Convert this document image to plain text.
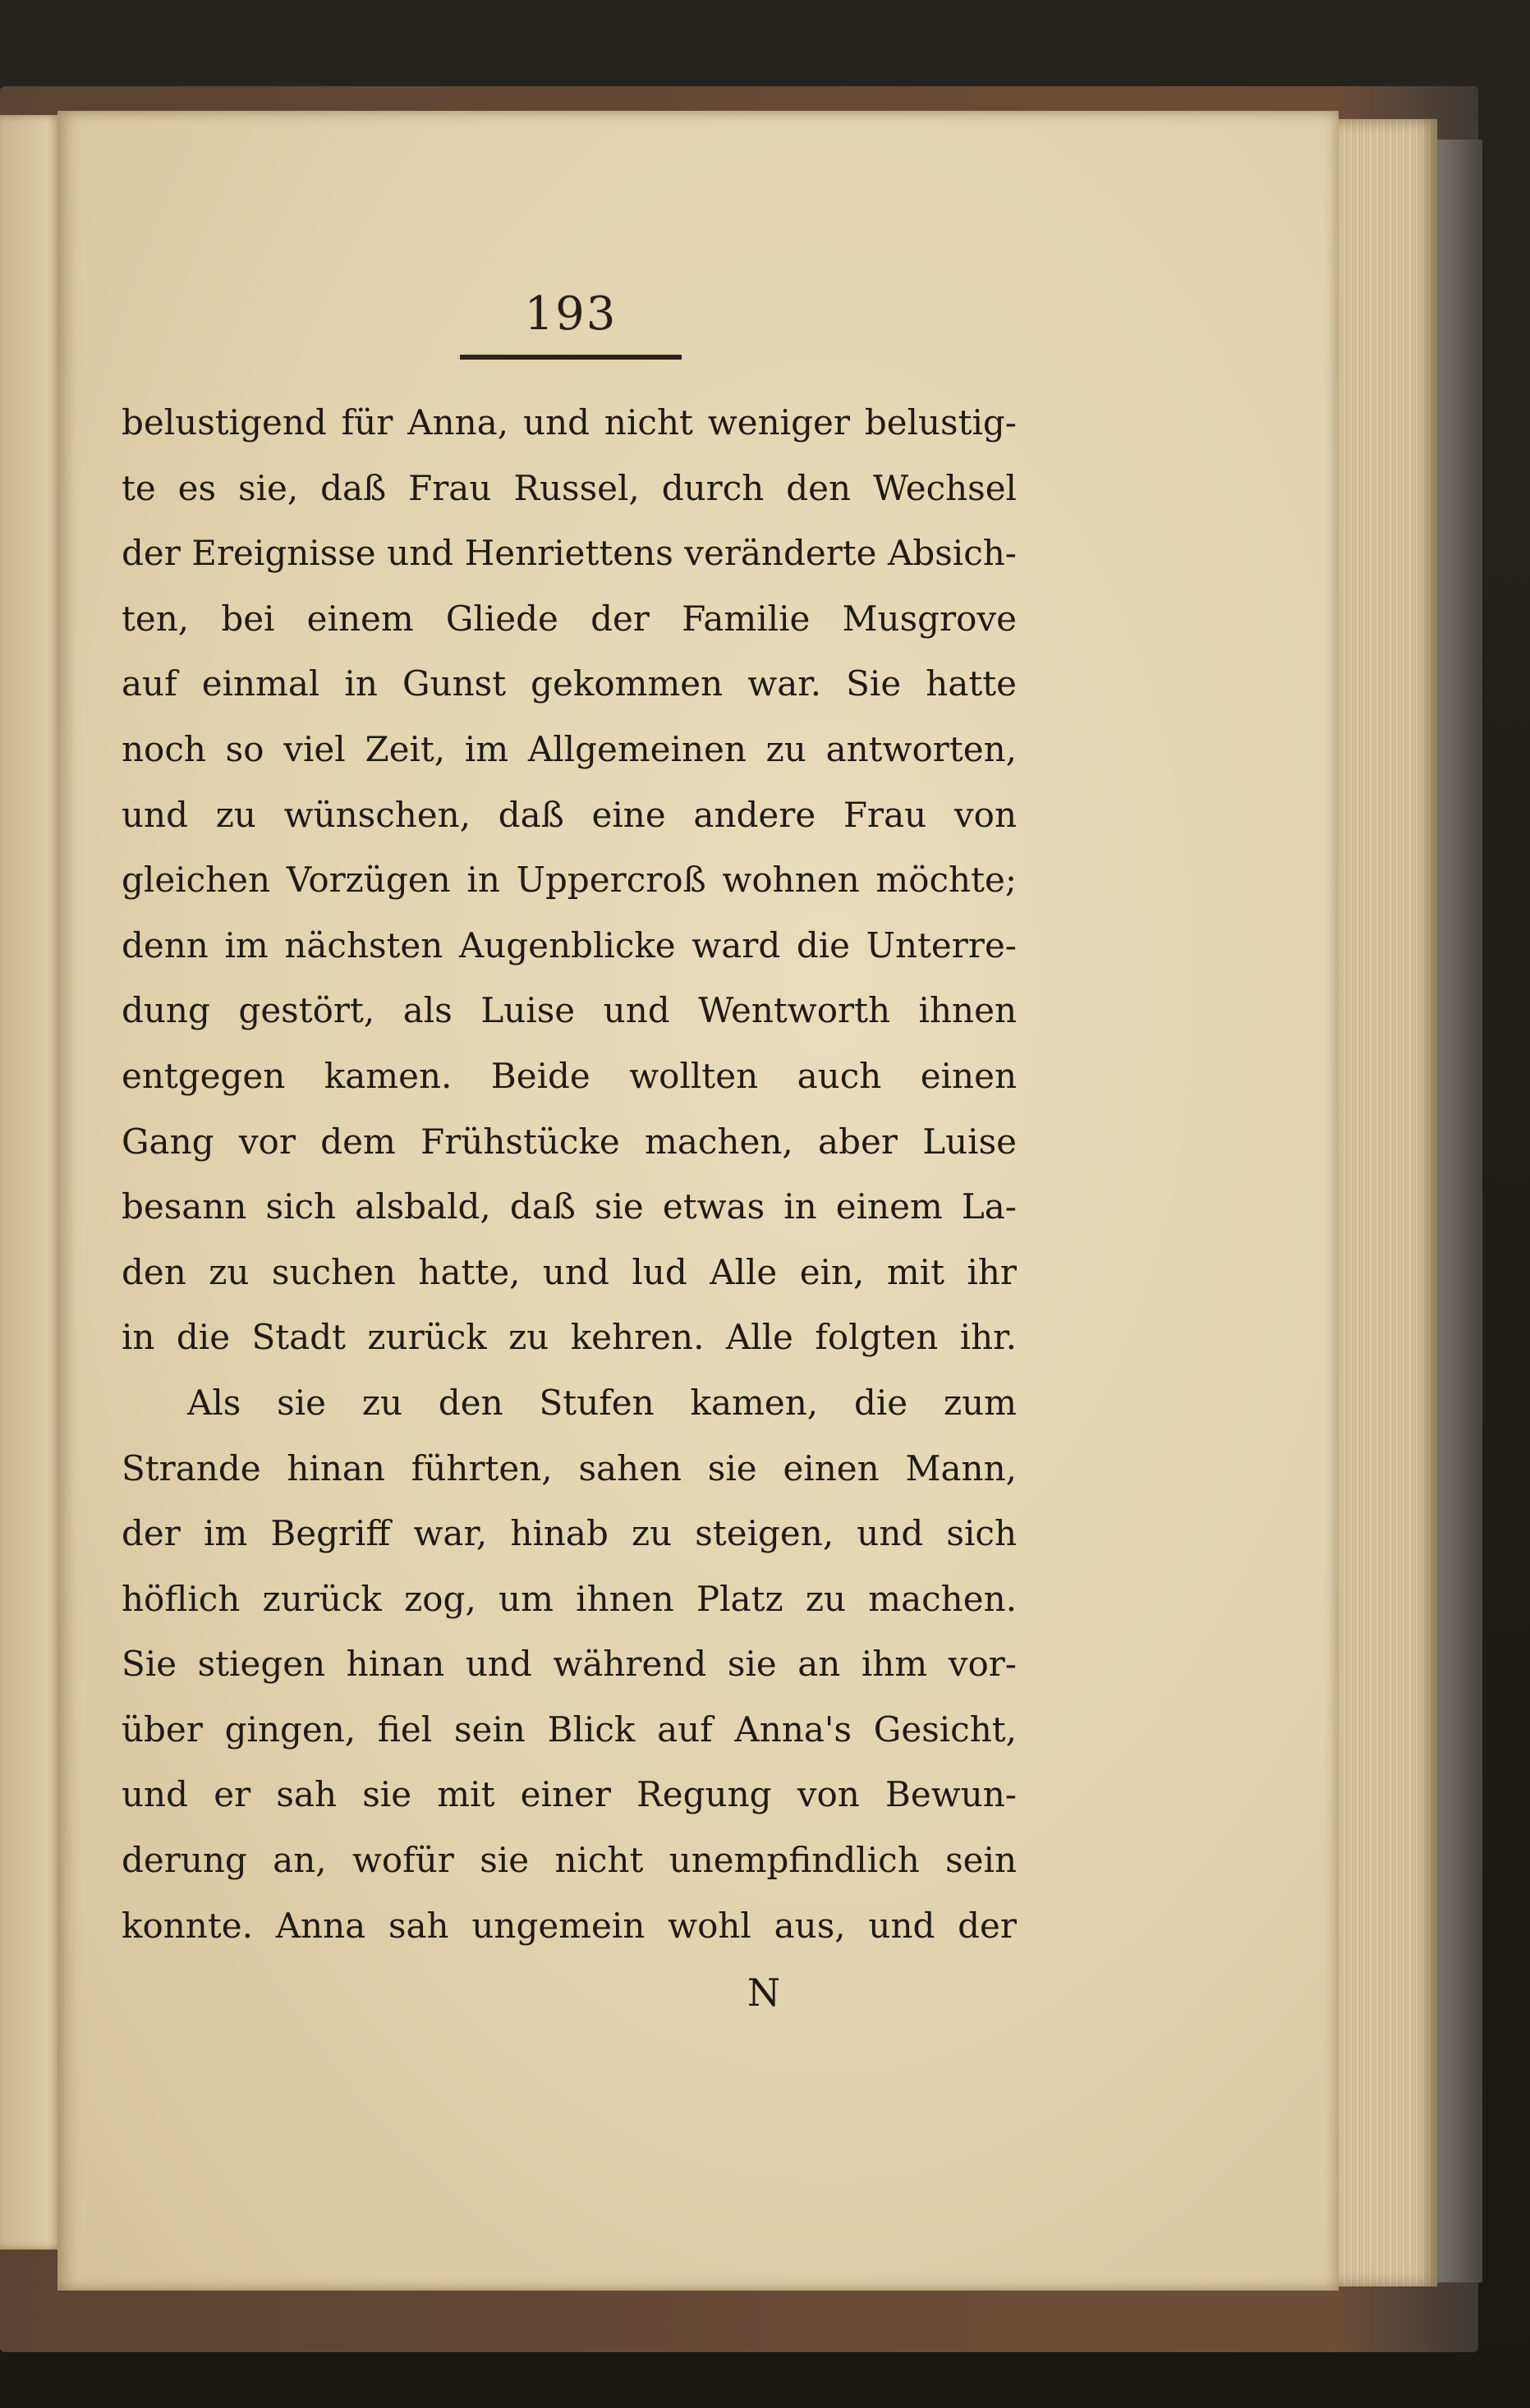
193
belustigend für Anna, und nicht weniger belustig-
te es sie, daß Frau Russel, durch den Wechsel
der Ereignisse und Henriettens veränderte Absich-
ten, bei einem Gliede der Familie Musgrove
auf einmal in Gunst gekommen war. Sie hatte
noch so viel Zeit, im Allgemeinen zu antworten,
und zu wünschen, daß eine andere Frau von
gleichen Vorzügen in Uppercroß wohnen möchte;
denn im nächsten Augenblicke ward die Unterre-
dung gestört, als Luise und Wentworth ihnen
entgegen kamen. Beide wollten auch einen
Gang vor dem Frühstücke machen, aber Luise
besann sich alsbald, daß sie etwas in einem La-
den zu suchen hatte, und lud Alle ein, mit ihr
in die Stadt zurück zu kehren. Alle folgten ihr.
Als sie zu den Stufen kamen, die zum
Strande hinan führten, sahen sie einen Mann,
der im Begriff war, hinab zu steigen, und sich
höflich zurück zog, um ihnen Platz zu machen.
Sie stiegen hinan und während sie an ihm vor-
über gingen, fiel sein Blick auf Anna's Gesicht,
und er sah sie mit einer Regung von Bewun-
derung an, wofür sie nicht unempfindlich sein
konnte. Anna sah ungemein wohl aus, und der
N
